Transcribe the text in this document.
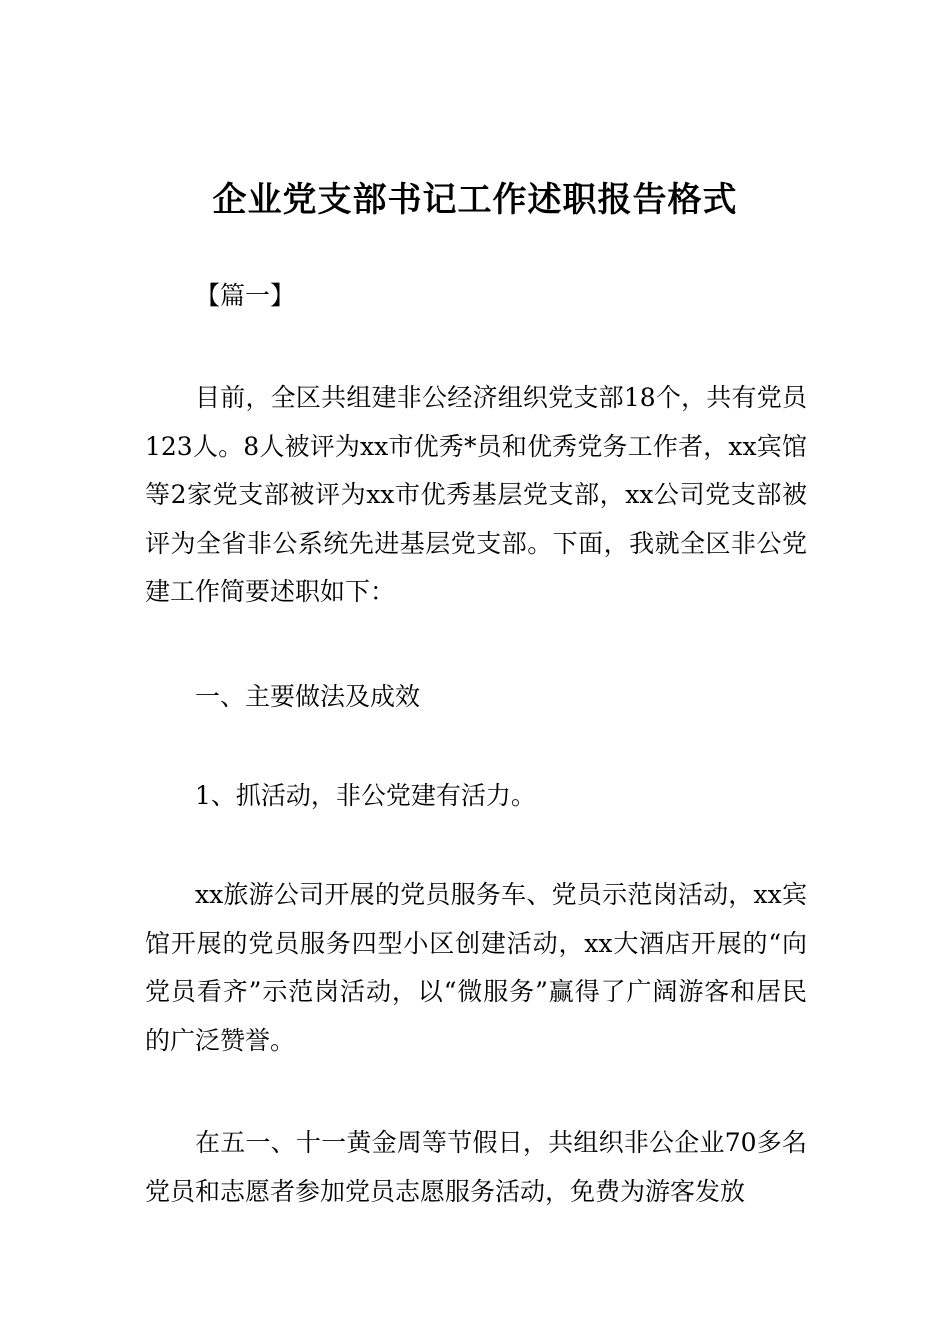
企业党支部书记工作述职报告格式
【篇一】
目前，全区共组建非公经济组织党支部18个，共有党员123人。8人被评为xx市优秀*员和优秀党务工作者，xx宾馆等2家党支部被评为xx市优秀基层党支部，xx公司党支部被评为全省非公系统先进基层党支部。下面，我就全区非公党建工作简要述职如下：
一、主要做法及成效
1、抓活动，非公党建有活力。
xx旅游公司开展的党员服务车、党员示范岗活动，xx宾馆开展的党员服务四型小区创建活动，xx大酒店开展的“向党员看齐”示范岗活动，以“微服务”赢得了广阔游客和居民的广泛赞誉。
在五一、十一黄金周等节假日，共组织非公企业70多名党员和志愿者参加党员志愿服务活动，免费为游客发放
